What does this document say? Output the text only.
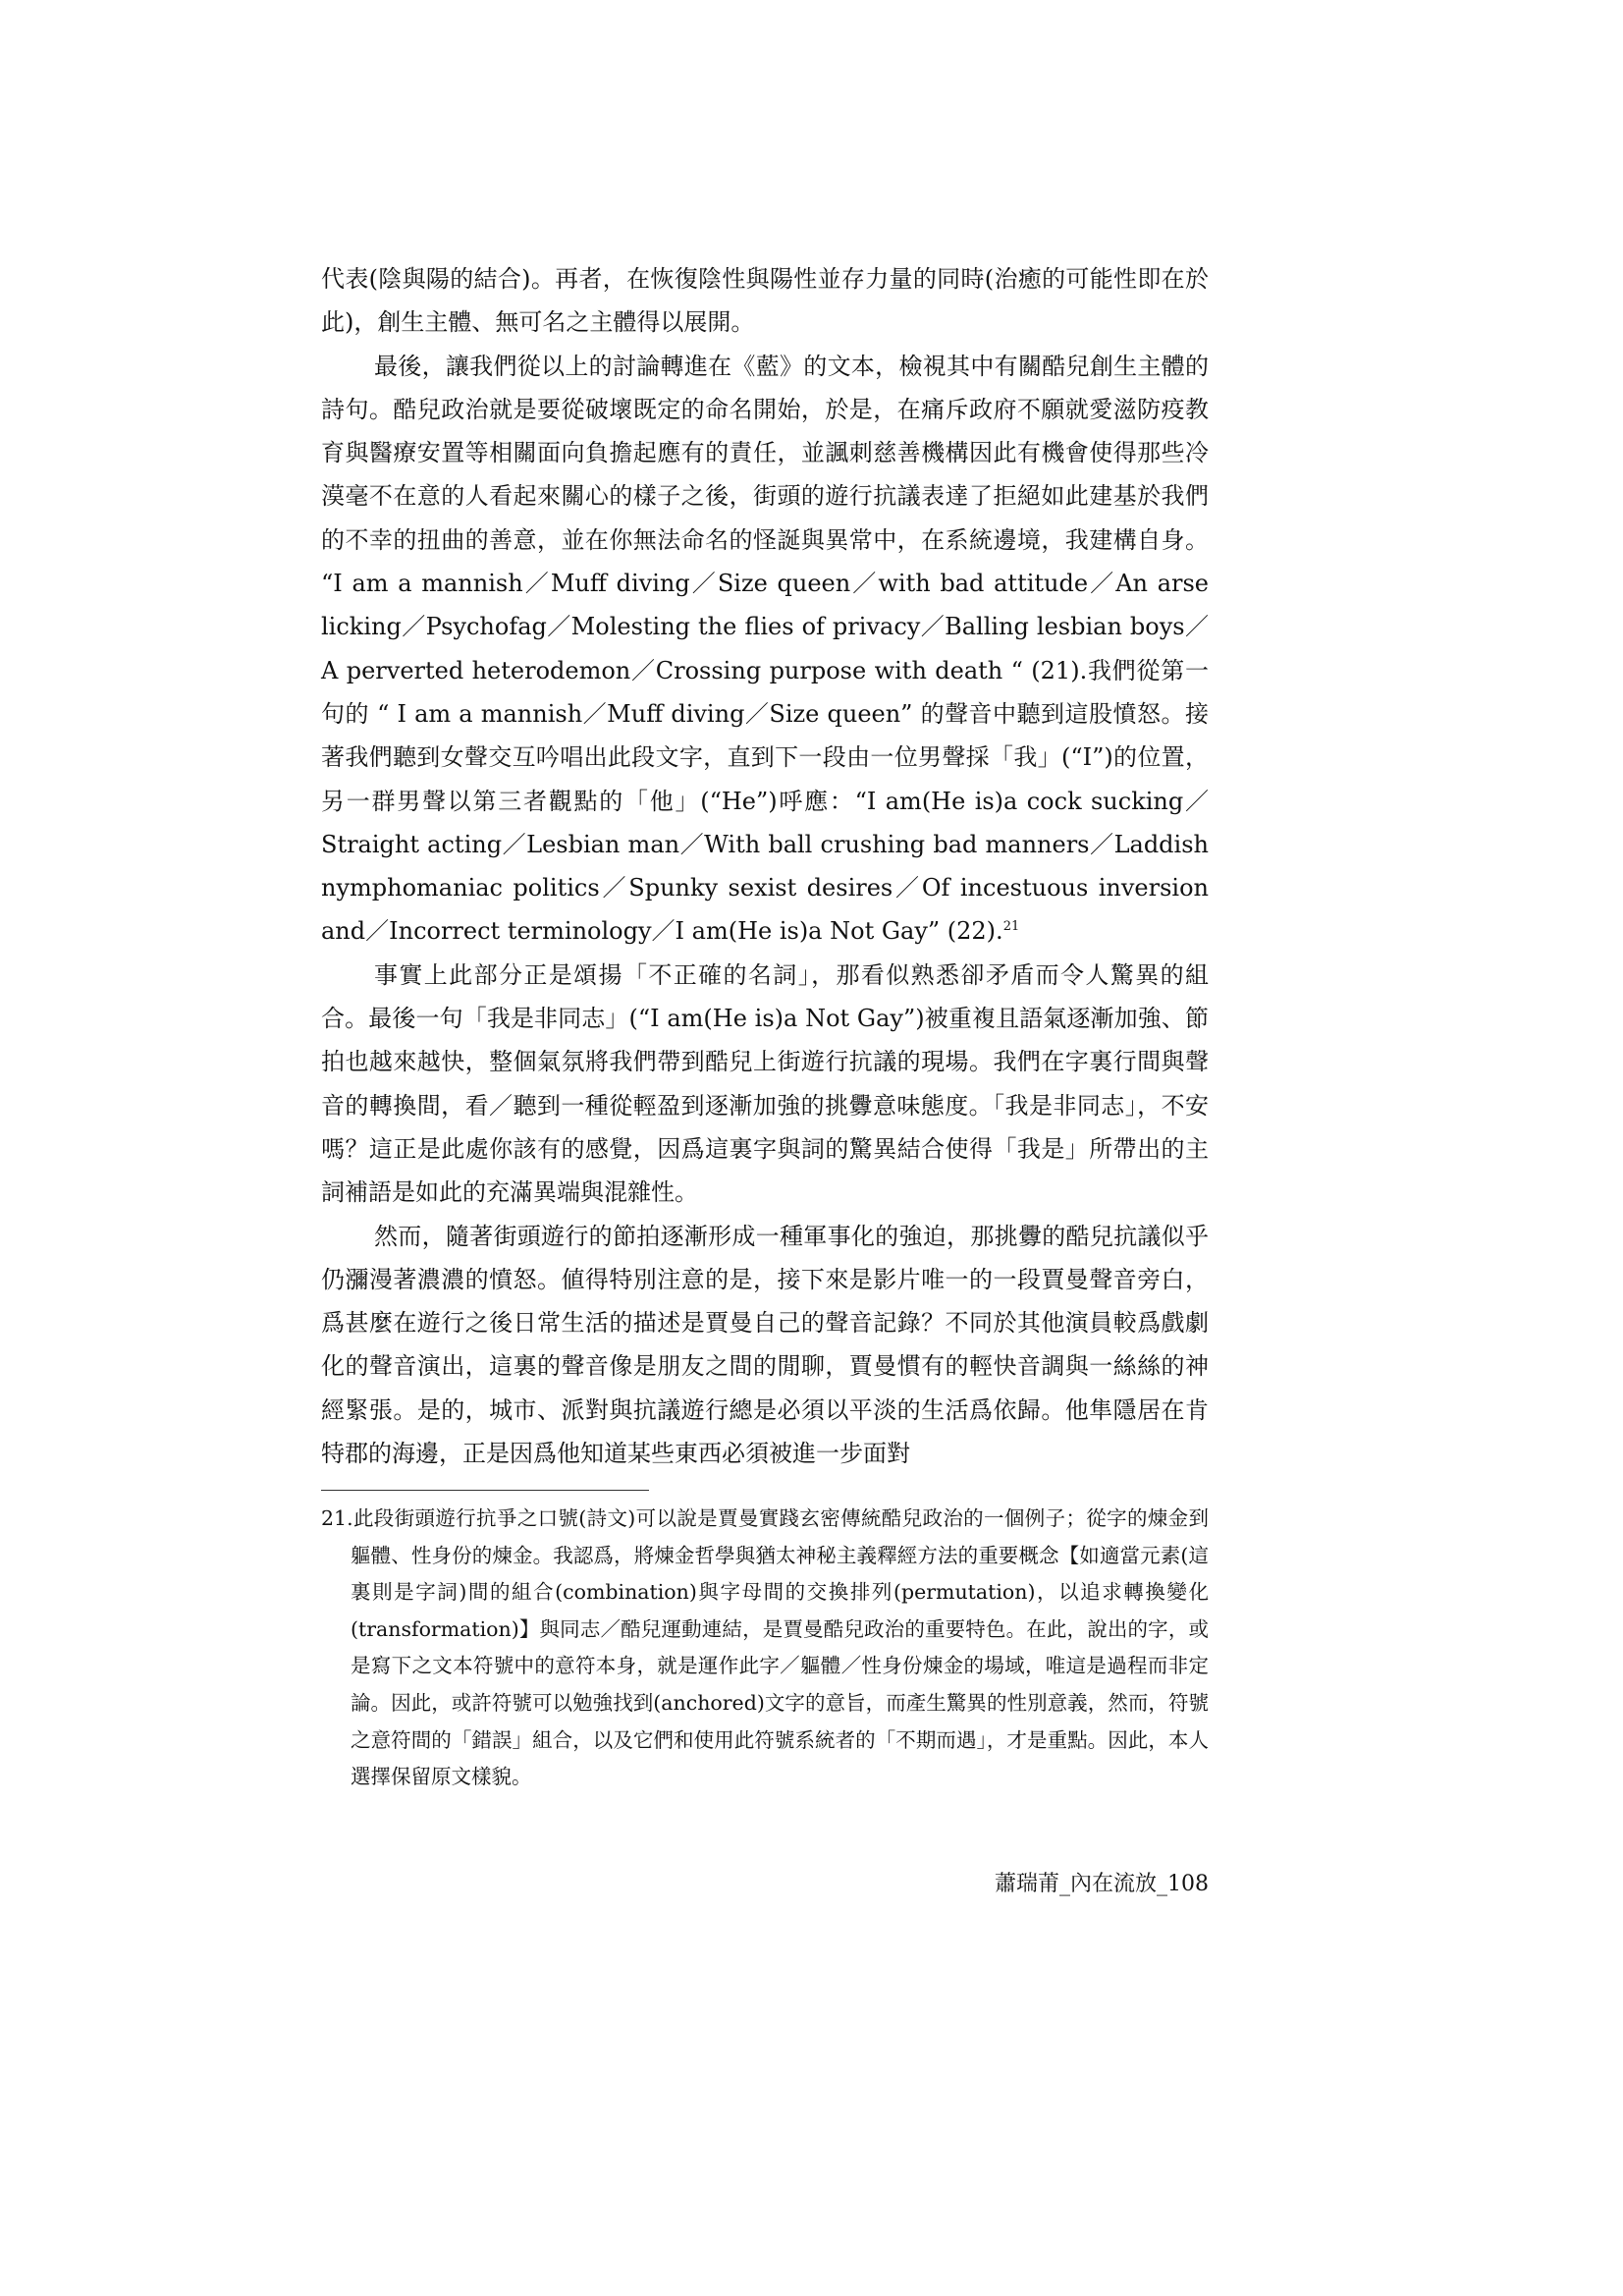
代表(陰與陽的結合)。再者，在恢復陰性與陽性並存力量的同時(治癒的可能性即在於此)，創生主體、無可名之主體得以展開。

最後，讓我們從以上的討論轉進在《藍》的文本，檢視其中有關酷兒創生主體的詩句。酷兒政治就是要從破壞既定的命名開始，於是，在痛斥政府不願就愛滋防疫教育與醫療安置等相關面向負擔起應有的責任，並諷刺慈善機構因此有機會使得那些冷漠毫不在意的人看起來關心的樣子之後，街頭的遊行抗議表達了拒絕如此建基於我們的不幸的扭曲的善意，並在你無法命名的怪誕與異常中，在系統邊境，我建構自身。 “I am a mannish／Muff diving／Size queen／with bad attitude／An arse licking／Psychofag／Molesting the flies of privacy／Balling lesbian boys／A perverted heterodemon／Crossing purpose with death “ (21).我們從第一句的 “ I am a mannish／Muff diving／Size queen” 的聲音中聽到這股憤怒。接著我們聽到女聲交互吟唱出此段文字，直到下一段由一位男聲採「我」(“I”)的位置，另一群男聲以第三者觀點的「他」(“He”)呼應：“I am(He is)a cock sucking／Straight acting／Lesbian man／With ball crushing bad manners／Laddish nymphomaniac politics／Spunky sexist desires／Of incestuous inversion and／Incorrect terminology／I am(He is)a Not Gay” (22).$^{21}$

事實上此部分正是頌揚「不正確的名詞」，那看似熟悉卻矛盾而令人驚異的組合。最後一句「我是非同志」(“I am(He is)a Not Gay”)被重複且語氣逐漸加強、節拍也越來越快，整個氣氛將我們帶到酷兒上街遊行抗議的現場。我們在字裏行間與聲音的轉換間，看／聽到一種從輕盈到逐漸加強的挑釁意味態度。「我是非同志」，不安嗎？這正是此處你該有的感覺，因爲這裏字與詞的驚異結合使得「我是」所帶出的主詞補語是如此的充滿異端與混雜性。

然而，隨著街頭遊行的節拍逐漸形成一種軍事化的強迫，那挑釁的酷兒抗議似乎仍瀰漫著濃濃的憤怒。値得特別注意的是，接下來是影片唯一的一段賈曼聲音旁白，爲甚麼在遊行之後日常生活的描述是賈曼自己的聲音記錄？不同於其他演員較爲戲劇化的聲音演出，這裏的聲音像是朋友之間的閒聊，賈曼慣有的輕快音調與一絲絲的神經緊張。是的，城市、派對與抗議遊行總是必須以平淡的生活爲依歸。他隼隱居在肯特郡的海邊，正是因爲他知道某些東西必須被進一步面對

21.此段街頭遊行抗爭之口號(詩文)可以說是賈曼實踐玄密傳統酷兒政治的一個例子；從字的煉金到軀體、性身份的煉金。我認爲，將煉金哲學與猶太神秘主義釋經方法的重要概念【如適當元素(這裏則是字詞)間的組合(combination)與字母間的交換排列(permutation)，以追求轉換變化(transformation)】與同志／酷兒運動連結，是賈曼酷兒政治的重要特色。在此，說出的字，或是寫下之文本符號中的意符本身，就是運作此字／軀體／性身份煉金的場域，唯這是過程而非定論。因此，或許符號可以勉強找到(anchored)文字的意旨，而產生驚異的性別意義，然而，符號之意符間的「錯誤」組合，以及它們和使用此符號系統者的「不期而遇」，才是重點。因此，本人選擇保留原文樣貌。

蕭瑞莆_內在流放_108
